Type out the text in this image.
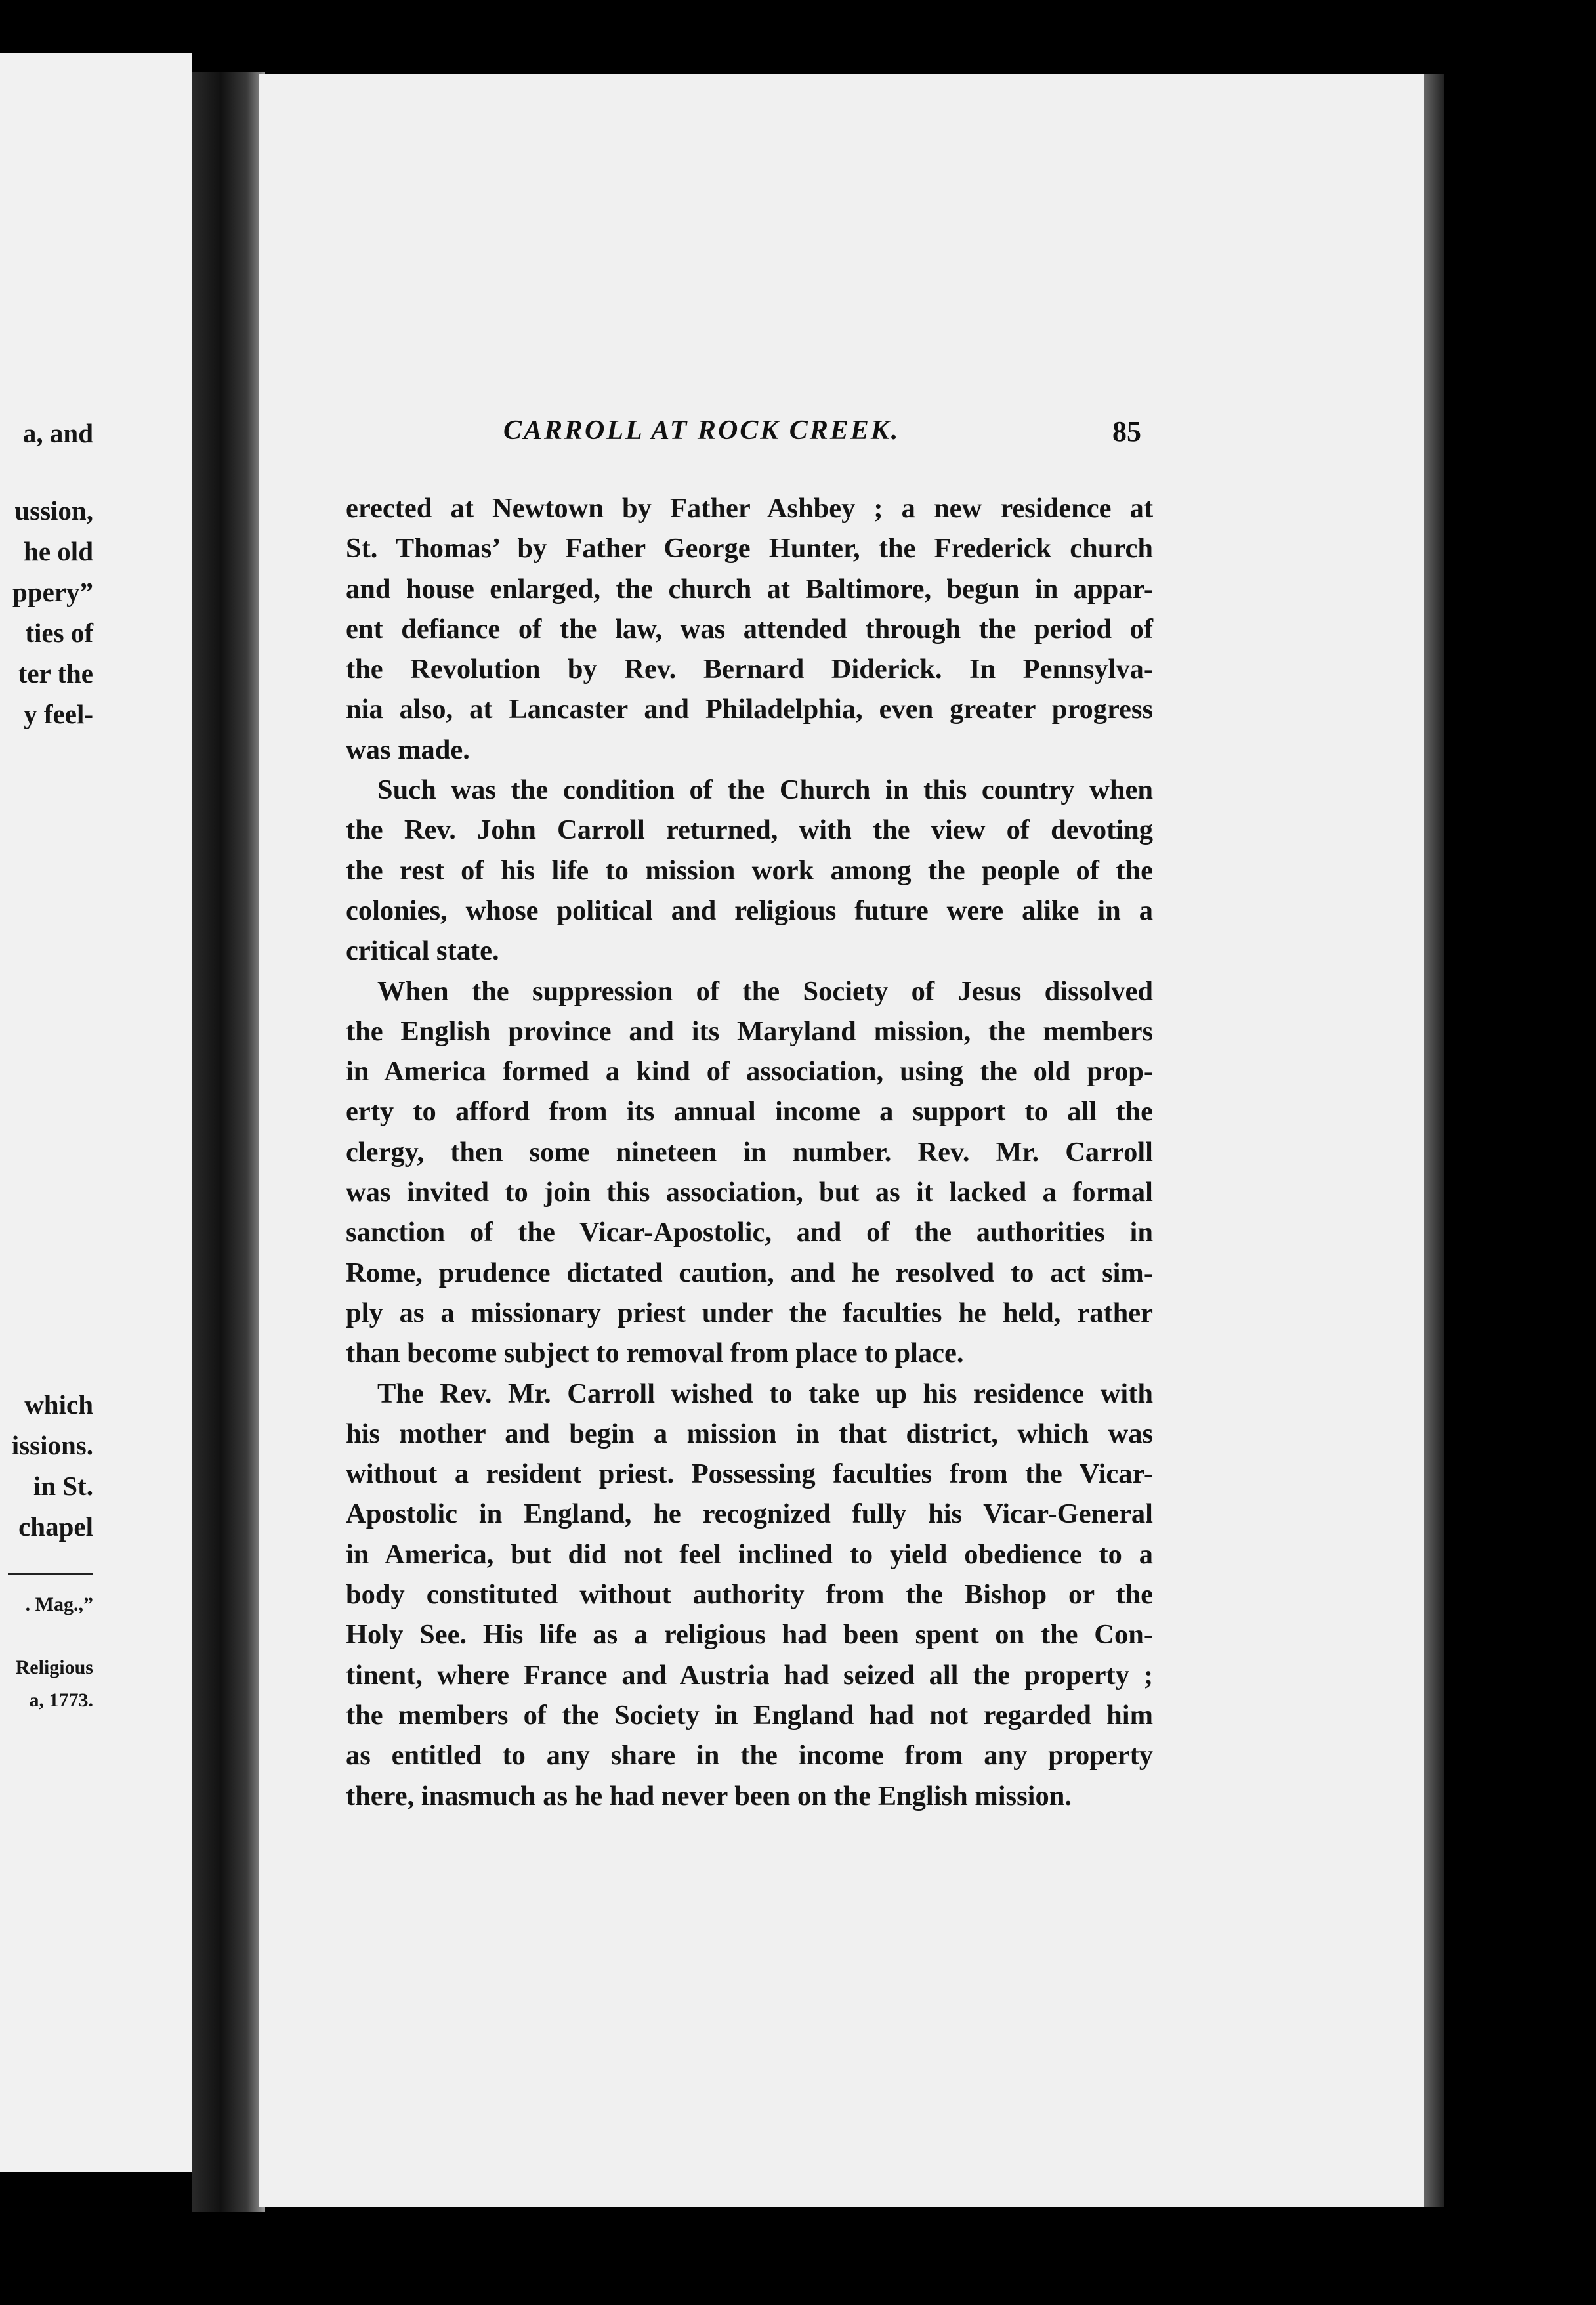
a, and
ussion,
he old
ppery”
ties of
ter the
y feel-
which
issions.
in St.
chapel
. Mag.,”
Religious
a, 1773.
CARROLL AT ROCK CREEK.	85
erected at Newtown by Father Ashbey ; a new residence at
St. Thomas’ by Father George Hunter, the Frederick church
and house enlarged, the church at Baltimore, begun in appar-
ent defiance of the law, was attended through the period of
the Revolution by Rev. Bernard Diderick. In Pennsylva-
nia also, at Lancaster and Philadelphia, even greater progress
was made.
Such was the condition of the Church in this country when
the Rev. John Carroll returned, with the view of devoting
the rest of his life to mission work among the people of the
colonies, whose political and religious future were alike in a
critical state.
When the suppression of the Society of Jesus dissolved
the English province and its Maryland mission, the members
in America formed a kind of association, using the old prop-
erty to afford from its annual income a support to all the
clergy, then some nineteen in number. Rev. Mr. Carroll
was invited to join this association, but as it lacked a formal
sanction of the Vicar-Apostolic, and of the authorities in
Rome, prudence dictated caution, and he resolved to act sim-
ply as a missionary priest under the faculties he held, rather
than become subject to removal from place to place.
The Rev. Mr. Carroll wished to take up his residence with
his mother and begin a mission in that district, which was
without a resident priest. Possessing faculties from the Vicar-
Apostolic in England, he recognized fully his Vicar-General
in America, but did not feel inclined to yield obedience to a
body constituted without authority from the Bishop or the
Holy See. His life as a religious had been spent on the Con-
tinent, where France and Austria had seized all the property ;
the members of the Society in England had not regarded him
as entitled to any share in the income from any property
there, inasmuch as he had never been on the English mission.
